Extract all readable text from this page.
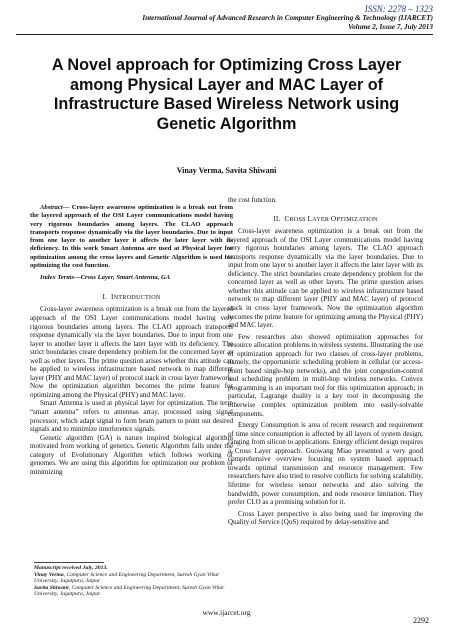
ISSN: 2278 – 1323
International Journal of Advanced Research in Computer Engineering & Technology (IJARCET)
Volume 2, Issue 7, July 2013
A Novel approach for Optimizing Cross Layer among Physical Layer and MAC Layer of Infrastructure Based Wireless Network using Genetic Algorithm
Vinay Verma, Savita Shiwani

Abstract— Cross-layer awareness optimization is a break out from the layered approach of the OSI Layer communications model having very rigorous boundaries among layers. The CLAO approach transports response dynamically via the layer boundaries. Due to input from one layer to another layer it affects the later layer with its deficiency. In this work Smart Antenna are used at Physical layer for optimization among the cross layers and Genetic Algorithm is used for optimizing the cost function.

Index Terms—Cross Layer, Smart Antenna, GA

I. INTRODUCTION

Cross-layer awareness optimization is a break out from the layered approach of the OSI Layer communications model having very rigorous boundaries among layers. The CLAO approach transports response dynamically via the layer boundaries. Due to input from one layer to another layer it affects the later layer with its deficiency. The strict boundaries create dependency problem for the concerned layer as well as other layers. The prime question arises whether this attitude can be applied to wireless infrastructure based network to map different layer (PHY and MAC layer) of protocol stack in cross layer framework. Now the optimization algorithm becomes the prime feature for optimizing among the Physical (PHY) and MAC layer.

Smart Antenna is used at physical layer for optimization. The term “smart antenna” refers to antennas array, processed using signal processor, which adapt signal to form beam pattern to point out desired signals and to minimize interference signals.

Genetic algorithm (GA) is nature inspired biological algorithm motivated from working of genetics. Genetic Algorithm falls under the category of Evolutionary Algorithm which follows working of genomes. We are using this algorithm for optimization our problem of minimizing

the cost function.

II. CROSS LAYER OPTIMIZATION

Cross-layer awareness optimization is a break out from the layered approach of the OSI Layer communications model having very rigorous boundaries among layers. The CLAO approach transports response dynamically via the layer boundaries. Due to input from one layer to another layer it affects the later layer with its deficiency. The strict boundaries create dependency problem for the concerned layer as well as other layers. The prime question arises whether this attitude can be applied to wireless infrastructure based network to map different layer (PHY and MAC layer) of protocol stack in cross layer framework. Now the optimization algorithm becomes the prime feature for optimizing among the Physical (PHY) and MAC layer.

Few researches also showed optimization approaches for resource allocation problems in wireless systems. Illustrating the use of optimization approach for two classes of cross-layer problems, namely, the opportunistic scheduling problem in cellular (or access-point based single-hop networks), and the joint congestion-control and scheduling problem in multi-hop wireless networks. Convex programming is an important tool for this optimization approach; in particular, Lagrange duality is a key tool in decomposing the otherwise complex optimization problem into easily-solvable components.

Energy Consumption is area of recent research and requirement of time since consumption is affected by all layers of system design, ranging from silicon to applications. Energy efficient design requires a Cross Layer approach. Guowang Miao presented a very good comprehensive overview focusing on system based approach towards optimal transmission and resource management. Few researchers have also tried to resolve conflicts for solving scalability, lifetime for wireless sensor networks and also solving the bandwidth, power consumption, and node resource limitation. They prefer CLO as a promising solution for it.

Cross Layer perspective is also being used for improving the Quality of Service (QoS) required by delay-sensitive and

Manuscript received July, 2013.
Vinay Verma, Computer Science and Engineering Department, Suresh Gyan Vihar University, Jagatpura, Jaipur
Savita Shiwani, Computer Science and Engineering Department, Suresh Gyan Vihar University, Jagatpura, Jaipur.
www.ijarcet.org
2292
